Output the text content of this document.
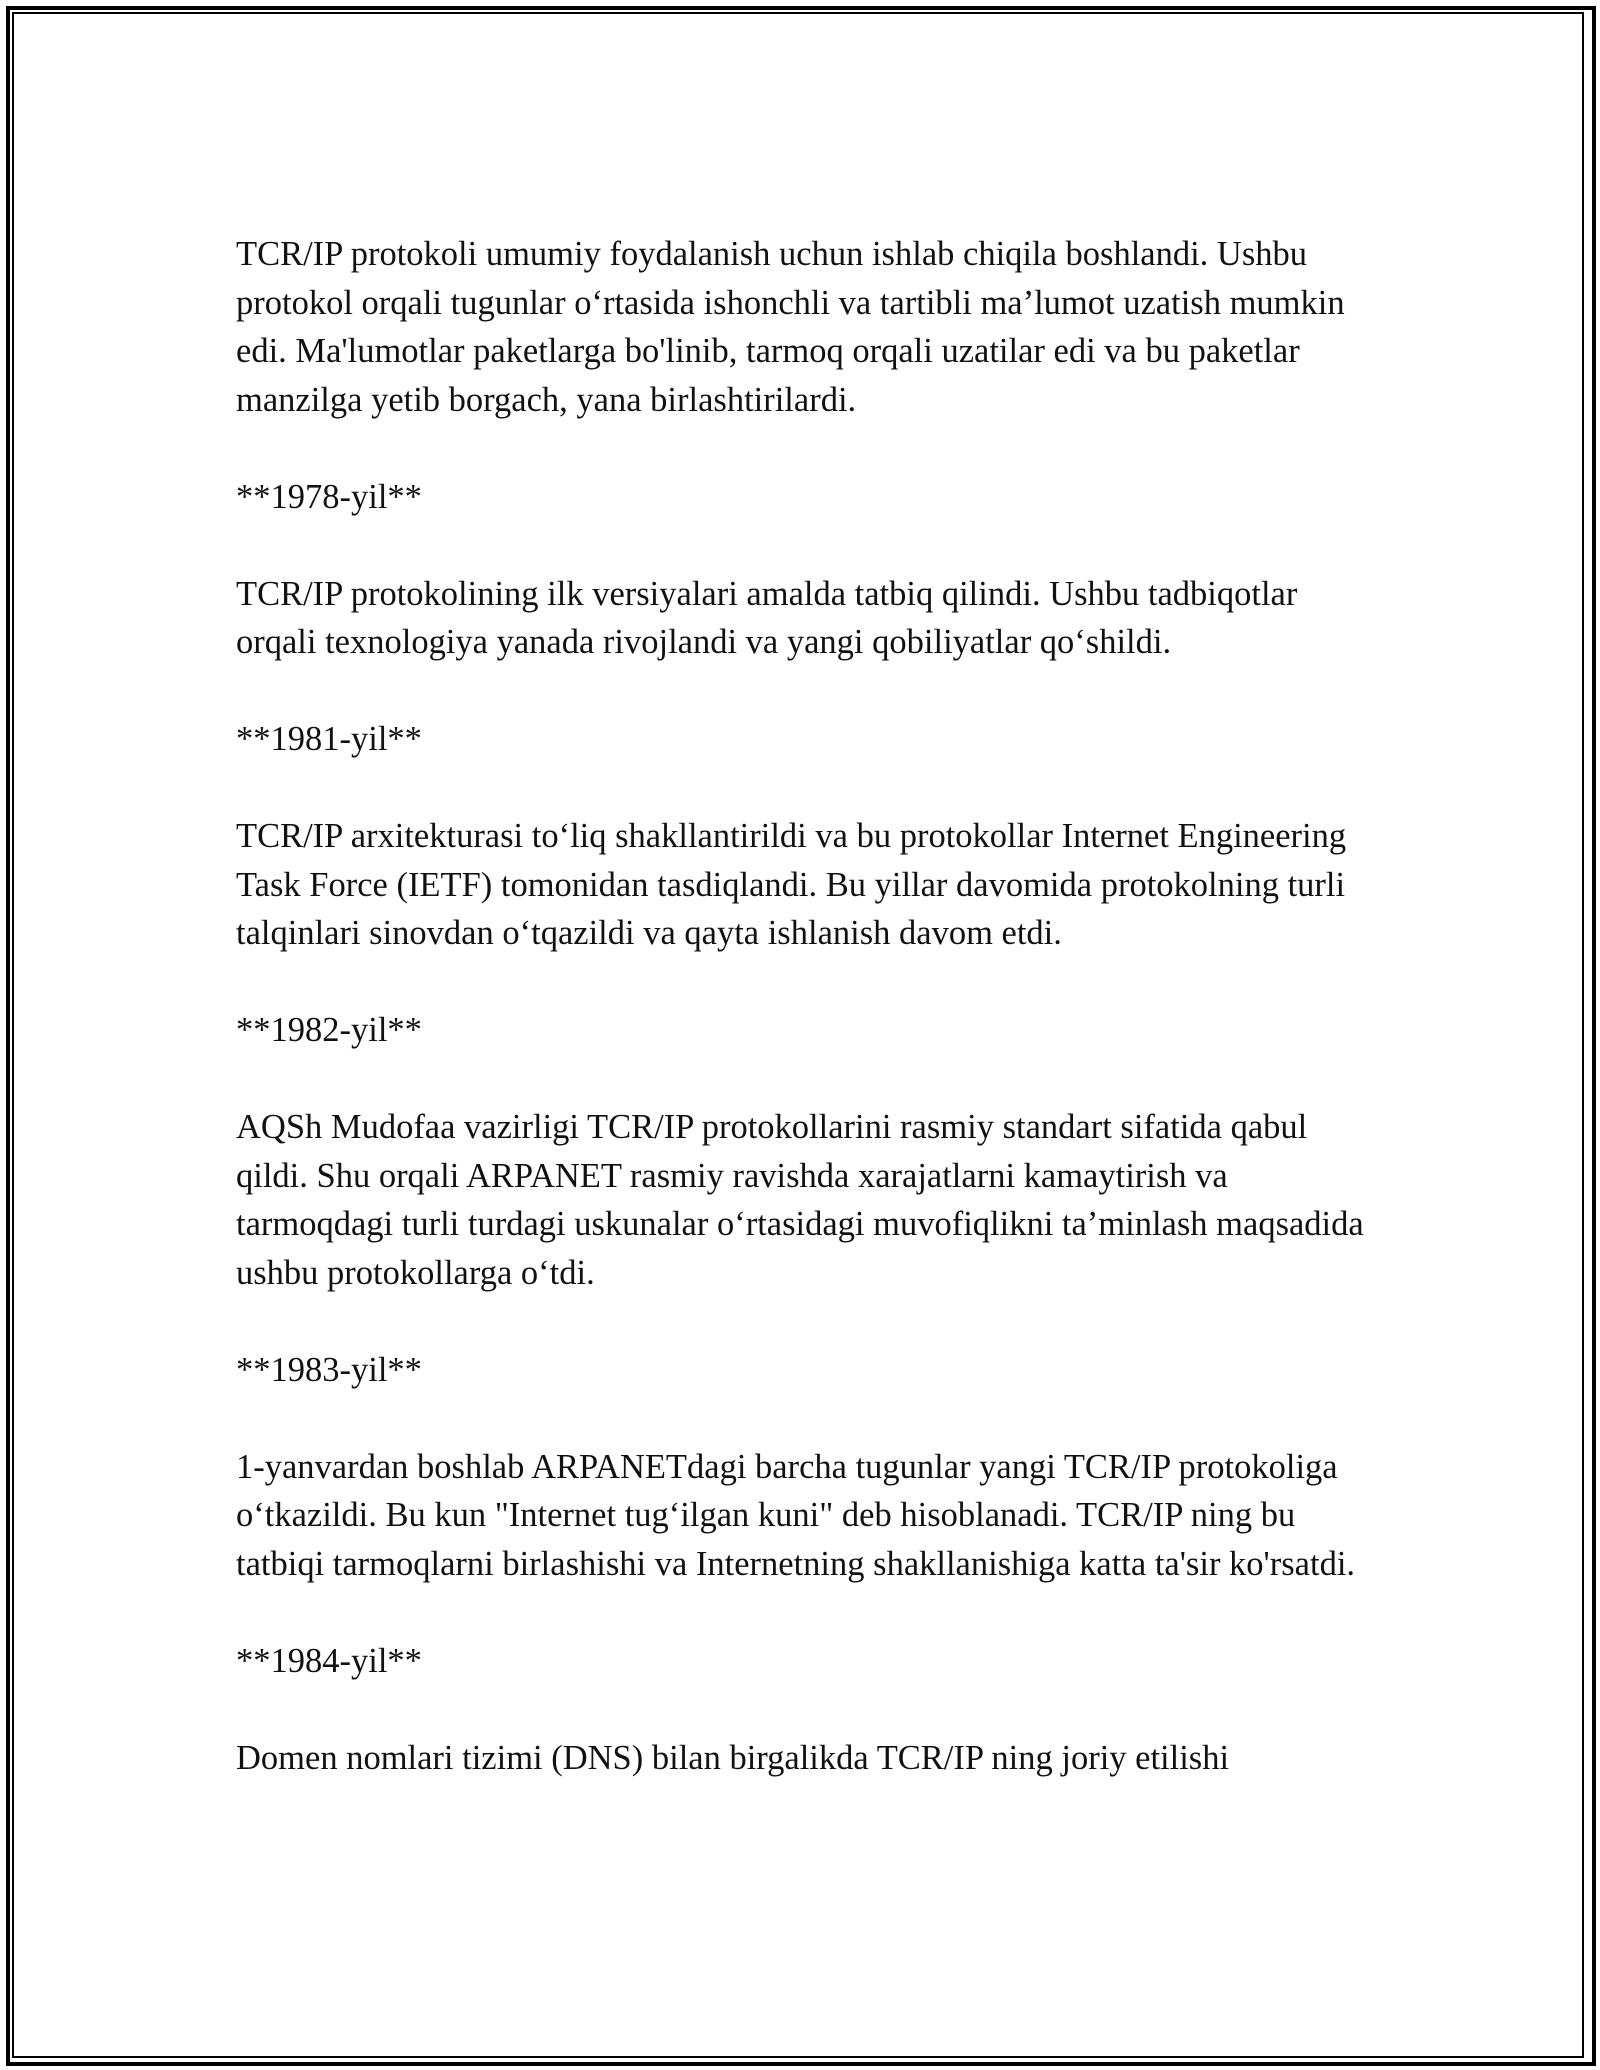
TCR/IP protokoli umumiy foydalanish uchun ishlab chiqila boshlandi. Ushbu protokol orqali tugunlar o‘rtasida ishonchli va tartibli ma’lumot uzatish mumkin edi. Ma'lumotlar paketlarga bo'linib, tarmoq orqali uzatilar edi va bu paketlar manzilga yetib borgach, yana birlashtirilardi.

**1978-yil**

TCR/IP protokolining ilk versiyalari amalda tatbiq qilindi. Ushbu tadbiqotlar orqali texnologiya yanada rivojlandi va yangi qobiliyatlar qo‘shildi.

**1981-yil**

TCR/IP arxitekturasi to‘liq shakllantirildi va bu protokollar Internet Engineering Task Force (IETF) tomonidan tasdiqlandi. Bu yillar davomida protokolning turli talqinlari sinovdan o‘tqazildi va qayta ishlanish davom etdi.

**1982-yil**

AQSh Mudofaa vazirligi TCR/IP protokollarini rasmiy standart sifatida qabul qildi. Shu orqali ARPANET rasmiy ravishda xarajatlarni kamaytirish va tarmoqdagi turli turdagi uskunalar o‘rtasidagi muvofiqlikni ta’minlash maqsadida ushbu protokollarga o‘tdi.

**1983-yil**

1-yanvardan boshlab ARPANETdagi barcha tugunlar yangi TCR/IP protokoliga o‘tkazildi. Bu kun "Internet tug‘ilgan kuni" deb hisoblanadi. TCR/IP ning bu tatbiqi tarmoqlarni birlashishi va Internetning shakllanishiga katta ta'sir ko'rsatdi.

**1984-yil**

Domen nomlari tizimi (DNS) bilan birgalikda TCR/IP ning joriy etilishi
